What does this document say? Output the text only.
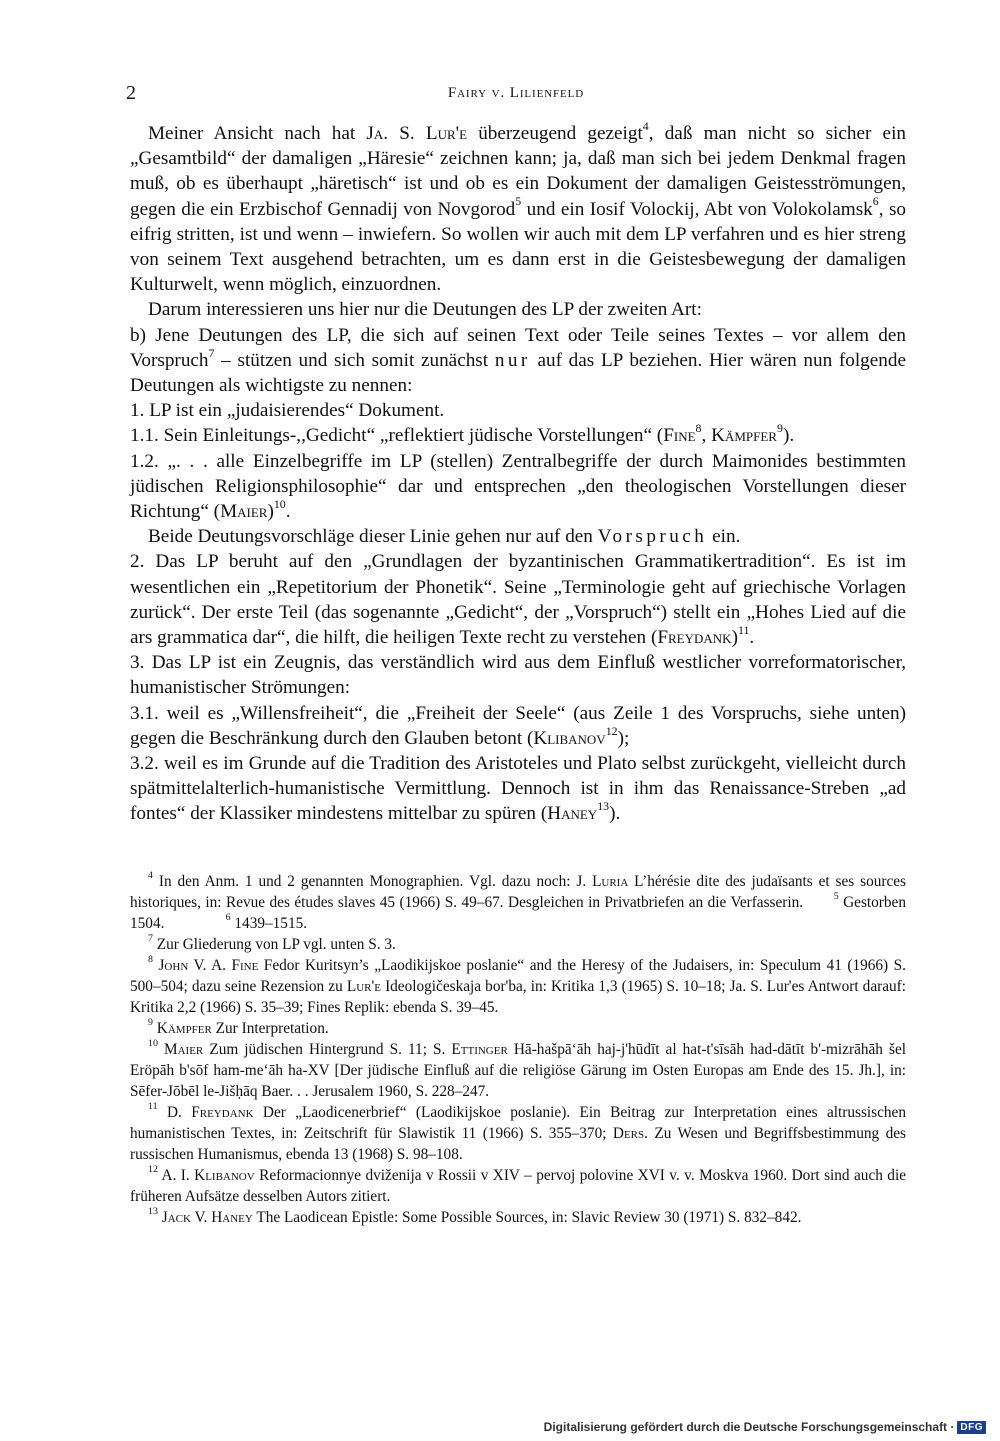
2	Fairy v. Lilienfeld

Meiner Ansicht nach hat Ja. S. Lur'e überzeugend gezeigt$^4$, daß man nicht so sicher ein „Gesamtbild“ der damaligen „Häresie“ zeichnen kann; ja, daß man sich bei jedem Denkmal fragen muß, ob es überhaupt „häretisch“ ist und ob es ein Dokument der damaligen Geistesströmungen, gegen die ein Erzbischof Gennadij von Novgorod$^5$ und ein Iosif Volockij, Abt von Volokolamsk$^6$, so eifrig stritten, ist und wenn – inwiefern. So wollen wir auch mit dem LP verfahren und es hier streng von seinem Text ausgehend betrachten, um es dann erst in die Geistesbewegung der damaligen Kulturwelt, wenn möglich, einzuordnen.

Darum interessieren uns hier nur die Deutungen des LP der zweiten Art:

b) Jene Deutungen des LP, die sich auf seinen Text oder Teile seines Textes – vor allem den Vorspruch$^7$ – stützen und sich somit zunächst nur auf das LP beziehen. Hier wären nun folgende Deutungen als wichtigste zu nennen:

1. LP ist ein „judaisierendes“ Dokument.

1.1. Sein Einleitungs-,,Gedicht“ „reflektiert jüdische Vorstellungen“ (Fine$^8$, Kämpfer$^9$).

1.2. „. . . alle Einzelbegriffe im LP (stellen) Zentralbegriffe der durch Maimonides bestimmten jüdischen Religionsphilosophie“ dar und entsprechen „den theologischen Vorstellungen dieser Richtung“ (Maier)$^{10}$.

Beide Deutungsvorschläge dieser Linie gehen nur auf den Vorspruch ein.

2. Das LP beruht auf den „Grundlagen der byzantinischen Grammatikertradition“. Es ist im wesentlichen ein „Repetitorium der Phonetik“. Seine „Terminologie geht auf griechische Vorlagen zurück“. Der erste Teil (das sogenannte „Gedicht“, der „Vorspruch“) stellt ein „Hohes Lied auf die ars grammatica dar“, die hilft, die heiligen Texte recht zu verstehen (Freydank)$^{11}$.

3. Das LP ist ein Zeugnis, das verständlich wird aus dem Einfluß westlicher vorreformatorischer, humanistischer Strömungen:

3.1. weil es „Willensfreiheit“, die „Freiheit der Seele“ (aus Zeile 1 des Vorspruchs, siehe unten) gegen die Beschränkung durch den Glauben betont (Klibanov$^{12}$);

3.2. weil es im Grunde auf die Tradition des Aristoteles und Plato selbst zurückgeht, vielleicht durch spätmittelalterlich-humanistische Vermittlung. Dennoch ist in ihm das Renaissance-Streben „ad fontes“ der Klassiker mindestens mittelbar zu spüren (Haney$^{13}$).

$^4$ In den Anm. 1 und 2 genannten Monographien. Vgl. dazu noch: J. Luria L’hérésie dite des judaïsants et ses sources historiques, in: Revue des études slaves 45 (1966) S. 49–67. Desgleichen in Privatbriefen an die Verfasserin.  	$^5$ Gestorben 1504.    	$^6$ 1439–1515.

$^7$ Zur Gliederung von LP vgl. unten S. 3.

$^8$ John V. A. Fine Fedor Kuritsyn’s „Laodikijskoe poslanie“ and the Heresy of the Judaisers, in: Speculum 41 (1966) S. 500–504; dazu seine Rezension zu Lur'e Ideologičeskaja bor'ba, in: Kritika 1,3 (1965) S. 10–18; Ja. S. Lur'es Antwort darauf: Kritika 2,2 (1966) S. 35–39; Fines Replik: ebenda S. 39–45.

$^9$ Kämpfer Zur Interpretation.

$^{10}$ Maier Zum jüdischen Hintergrund S. 11; S. Ettinger Hā-hašpā‘āh haj-j'hūdīt al hat-t'sīsāh had-dātīt b'-mizrāhāh šel Eröpāh b'sōf ham-me‘āh ha-XV [Der jüdische Einfluß auf die religiöse Gärung im Osten Europas am Ende des 15. Jh.], in: Sēfer-Jōbēl le-Jišḥāq Baer. . . Jerusalem 1960, S. 228–247.

$^{11}$ D. Freydank Der „Laodicenerbrief“ (Laodikijskoe poslanie). Ein Beitrag zur Interpretation eines altrussischen humanistischen Textes, in: Zeitschrift für Slawistik 11 (1966) S. 355–370; Ders. Zu Wesen und Begriffsbestimmung des russischen Humanismus, ebenda 13 (1968) S. 98–108.

$^{12}$ A. I. Klibanov Reformacionnye dviženija v Rossii v XIV – pervoj polovine XVI v. v. Moskva 1960. Dort sind auch die früheren Aufsätze desselben Autors zitiert.

$^{13}$ Jack V. Haney The Laodicean Epistle: Some Possible Sources, in: Slavic Review 30 (1971) S. 832–842.

Digitalisierung gefördert durch die Deutsche Forschungsgemeinschaft · DFG
